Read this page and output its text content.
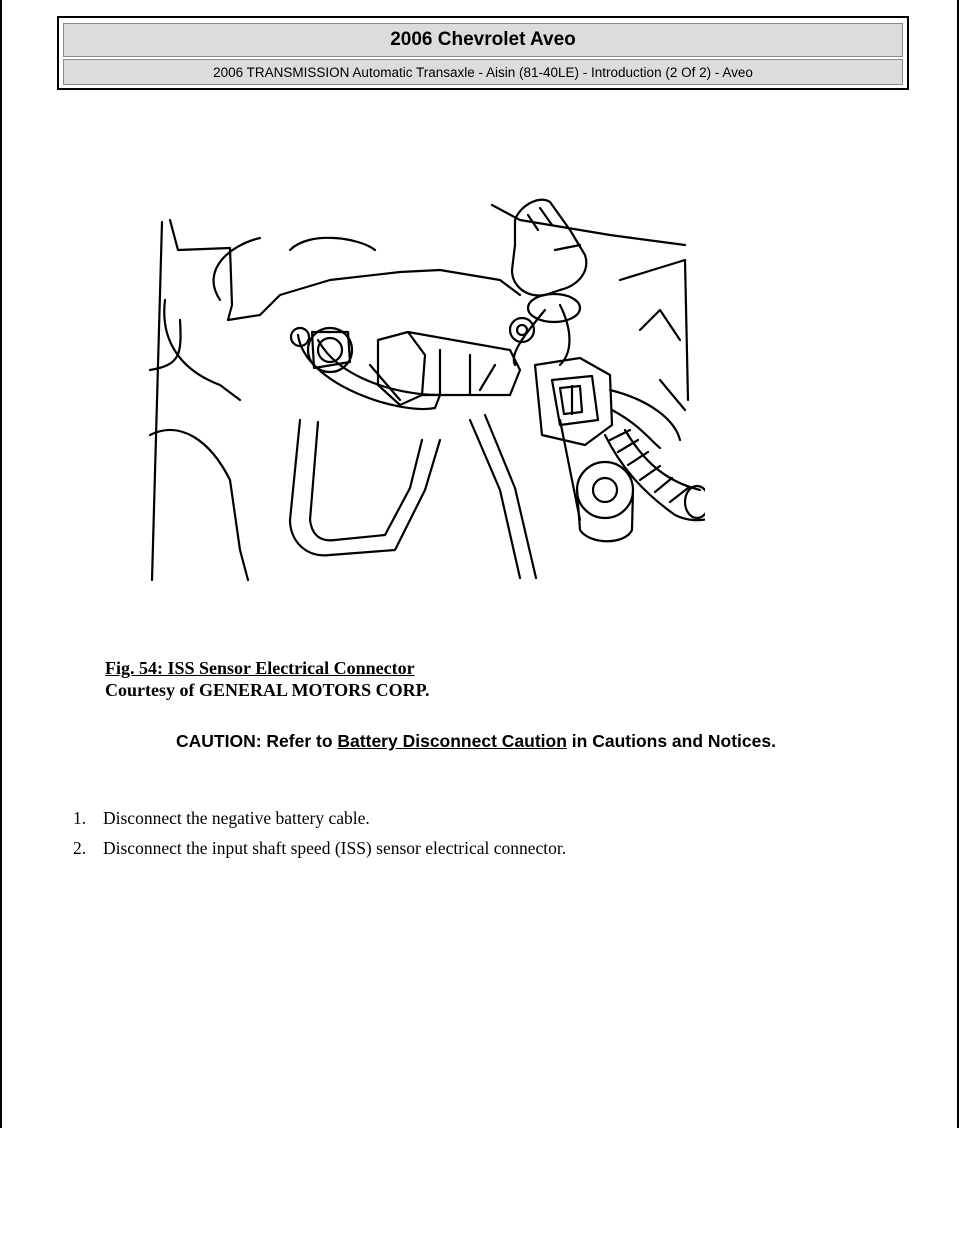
2006 Chevrolet Aveo
2006 TRANSMISSION Automatic Transaxle - Aisin (81-40LE) - Introduction (2 Of 2) - Aveo
Fig. 54: ISS Sensor Electrical Connector
Courtesy of GENERAL MOTORS CORP.
CAUTION: Refer to Battery Disconnect Caution in Cautions and Notices.
1. Disconnect the negative battery cable.
2. Disconnect the input shaft speed (ISS) sensor electrical connector.
